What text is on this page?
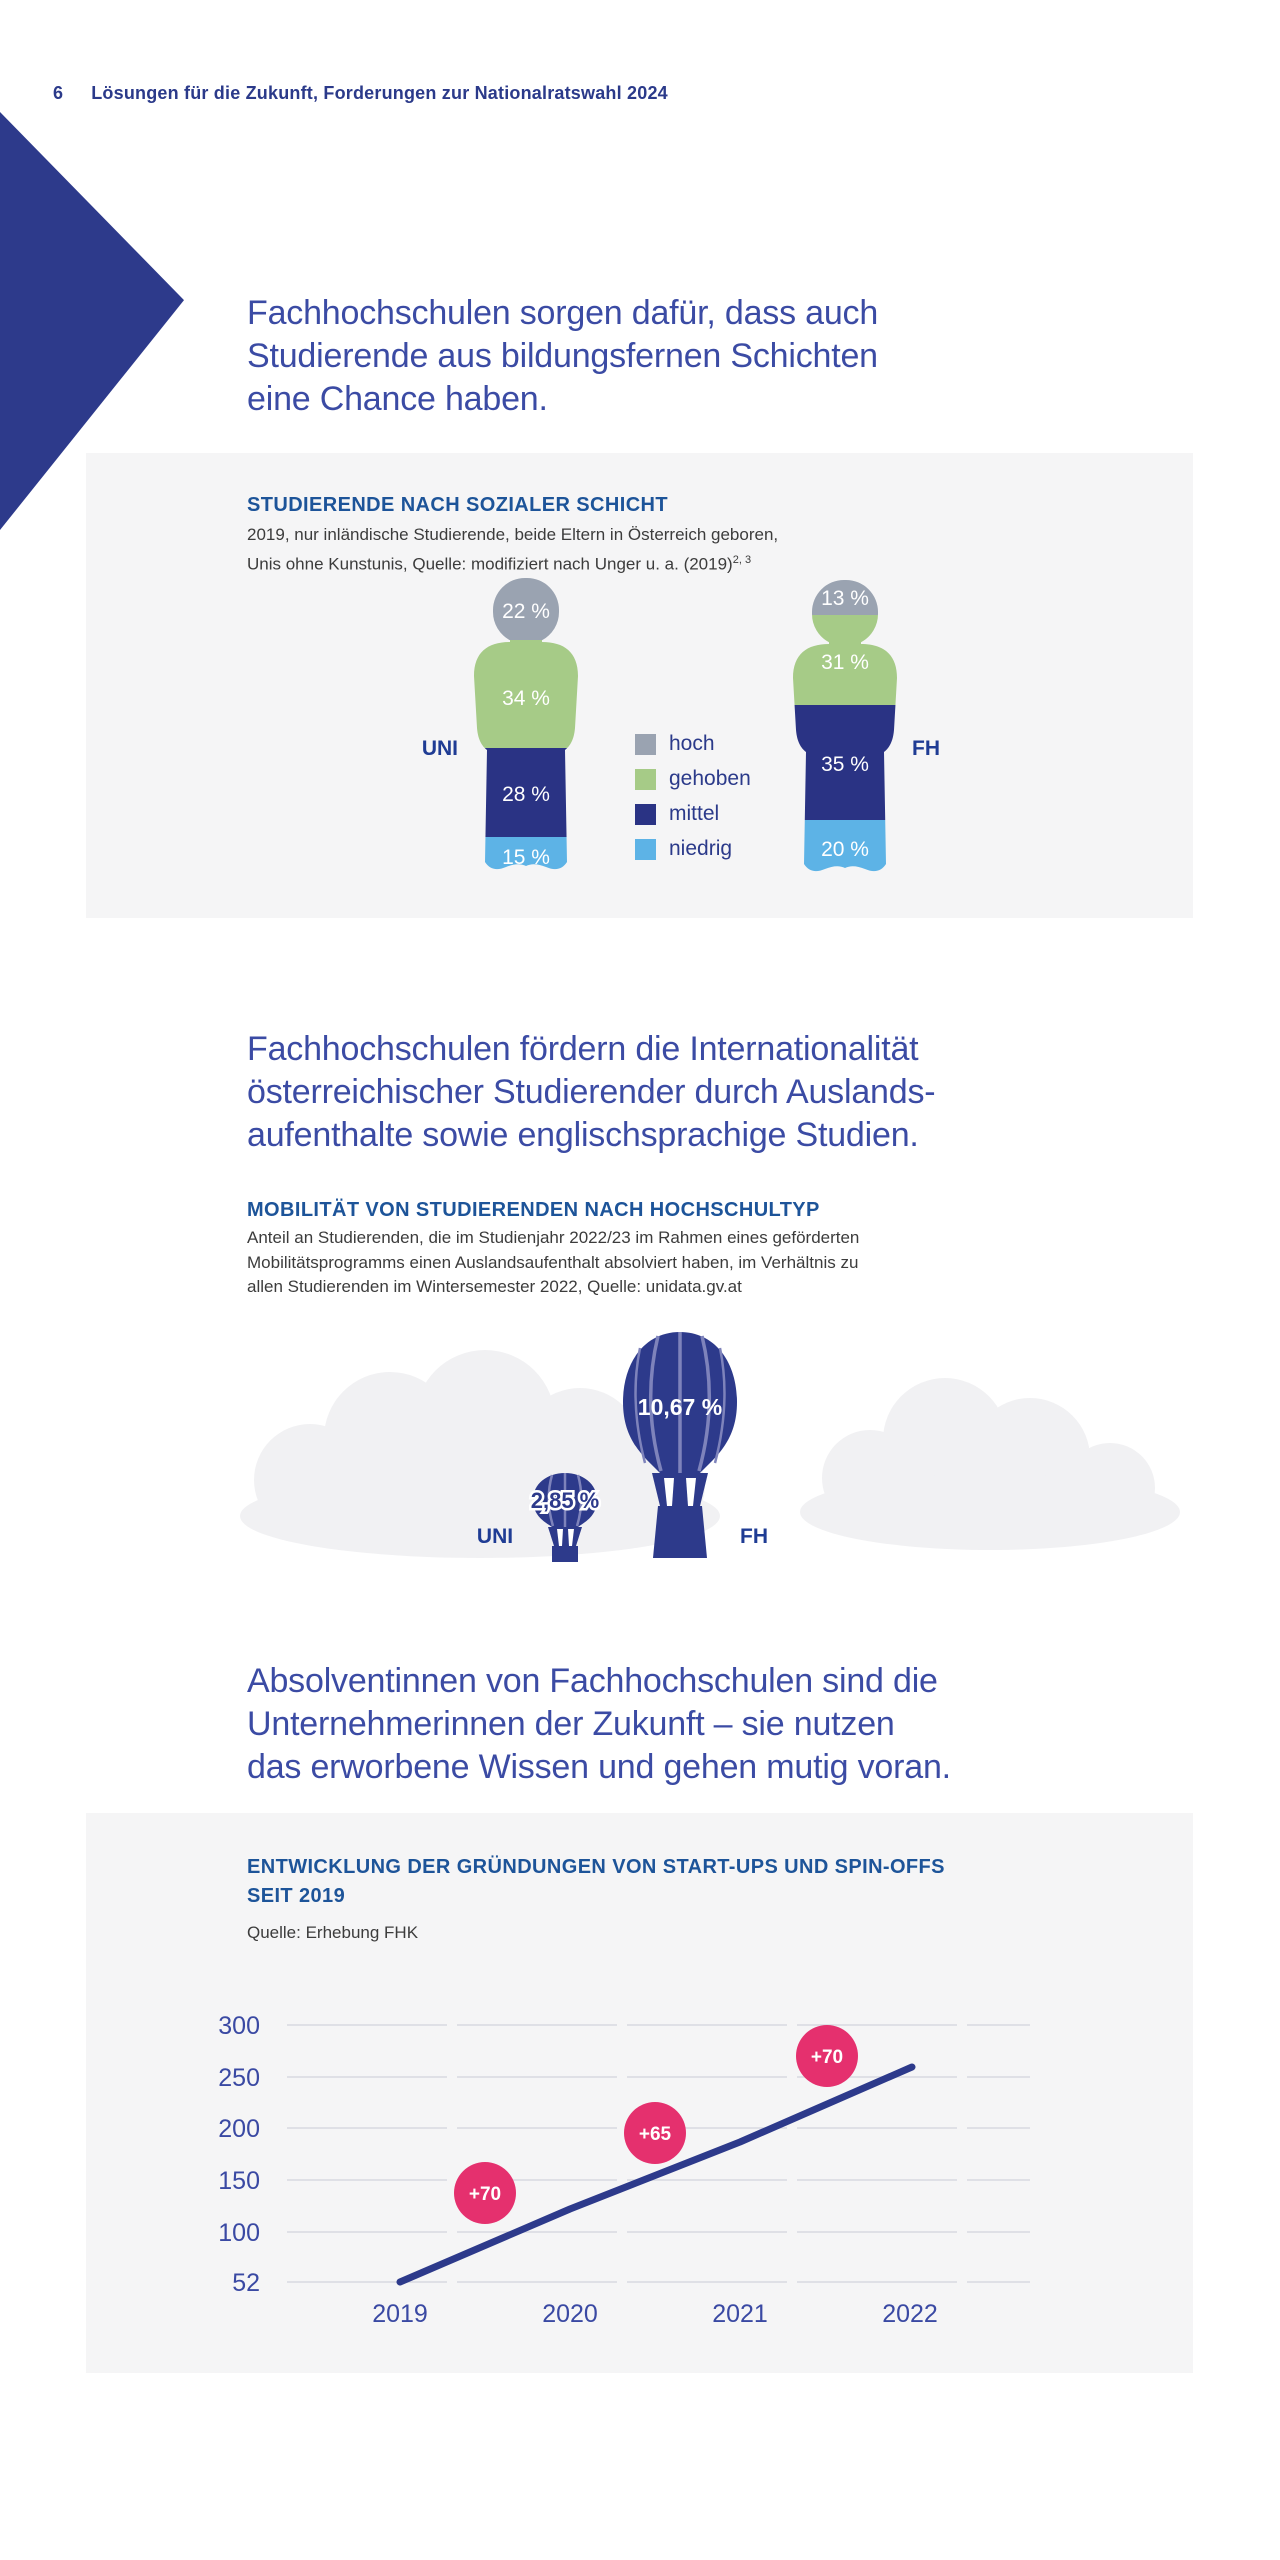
6 Lösungen für die Zukunft, Forderungen zur Nationalratswahl 2024
Fachhochschulen sorgen dafür, dass auch
Studierende aus bildungsfernen Schichten
eine Chance haben.
STUDIERENDE NACH SOZIALER SCHICHT
2019, nur inländische Studierende, beide Eltern in Österreich geboren,
Unis ohne Kunstunis, Quelle: modifiziert nach Unger u. a. $(2019)^{2, 3}$
22 %
34 %
28 %
15 %
13 %
31 %
35 %
20 %
UNI	FH
hoch
gehoben
mittel
niedrig
Fachhochschulen fördern die Internationalität
österreichischer Studierender durch Auslands-
aufenthalte sowie englischsprachige Studien.
MOBILITÄT VON STUDIERENDEN NACH HOCHSCHULTYP
Anteil an Studierenden, die im Studienjahr 2022/23 im Rahmen eines geförderten
Mobilitätsprogramms einen Auslandsaufenthalt absolviert haben, im Verhältnis zu
allen Studierenden im Wintersemester 2022, Quelle: unidata.gv.at
10,67 %
2,85 %
UNI	FH
Absolventinnen von Fachhochschulen sind die
Unternehmerinnen der Zukunft – sie nutzen
das erworbene Wissen und gehen mutig voran.
ENTWICKLUNG DER GRÜNDUNGEN VON START-UPS UND SPIN-OFFS
SEIT 2019
Quelle: Erhebung FHK
300
250
200
150
100
52
2019	2020	2021	2022
+70
+65
+70
